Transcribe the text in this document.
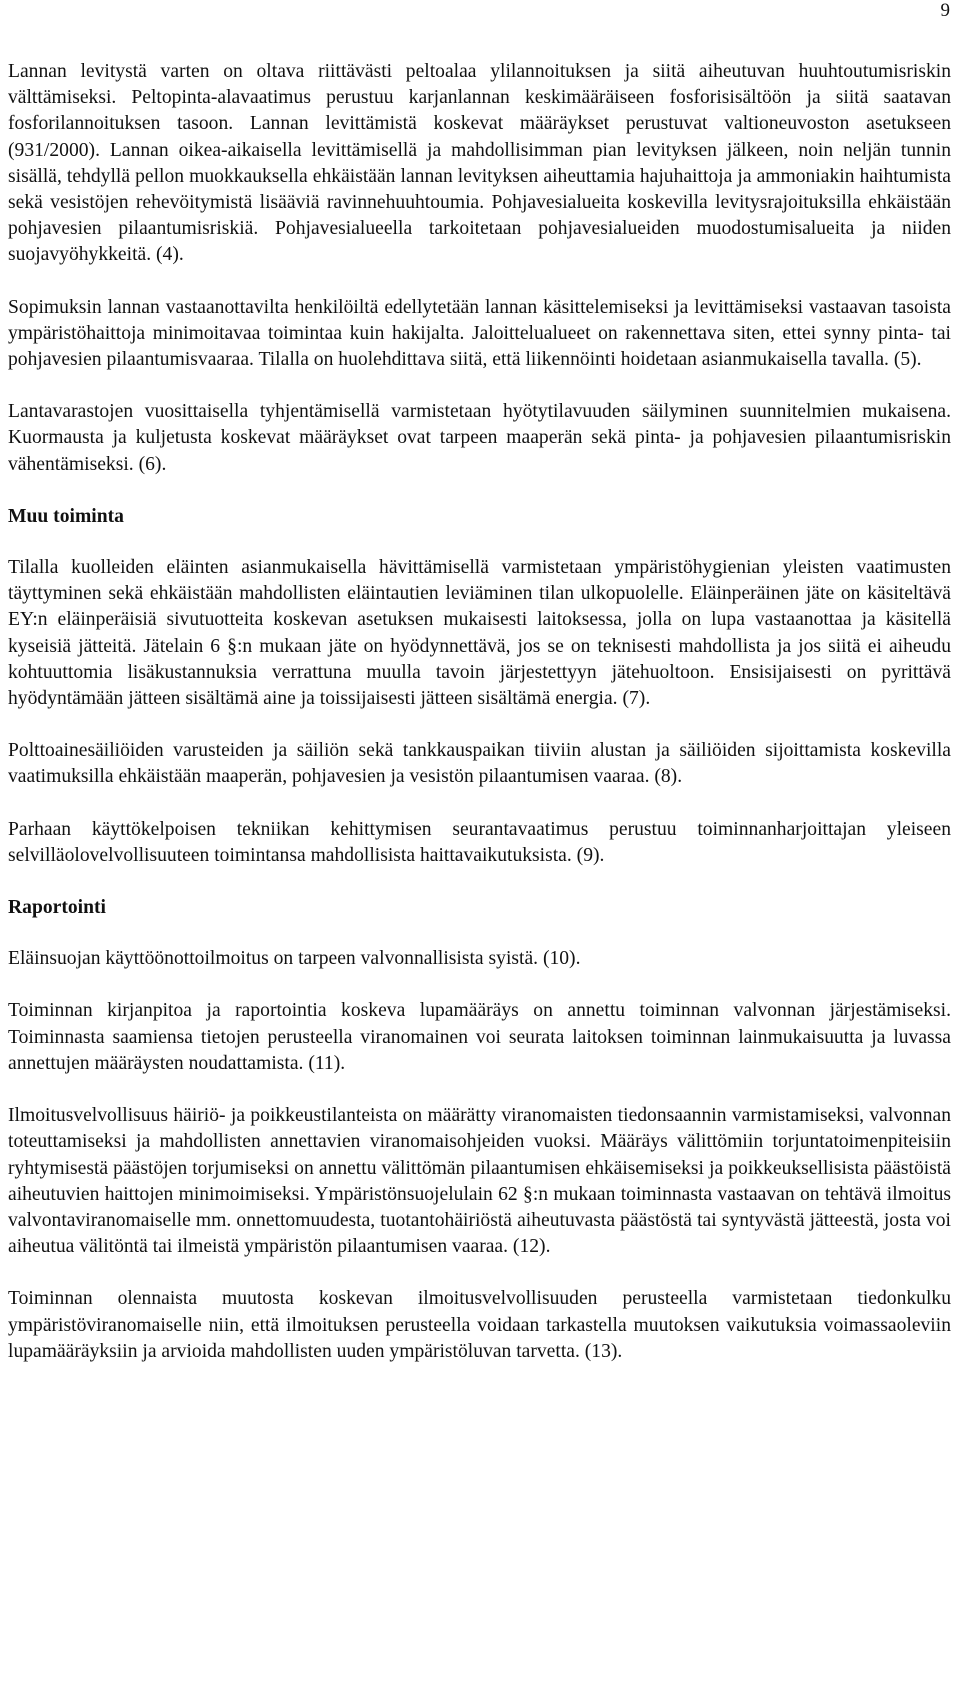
9

Lannan levitystä varten on oltava riittävästi peltoalaa ylilannoituksen ja siitä aiheutuvan huuhtoutumisriskin välttämiseksi. Peltopinta-alavaatimus perustuu karjanlannan keskimääräiseen fosforisisältöön ja siitä saatavan fosforilannoituksen tasoon. Lannan levittämistä koskevat määräykset perustuvat valtioneuvoston asetukseen (931/2000). Lannan oikea-aikaisella levittämisellä ja mahdollisimman pian levityksen jälkeen, noin neljän tunnin sisällä, tehdyllä pellon muokkauksella ehkäistään lannan levityksen aiheuttamia hajuhaittoja ja ammoniakin haihtumista sekä vesistöjen rehevöitymistä lisääviä ravinnehuuhtoumia. Pohjavesialueita koskevilla levitysrajoituksilla ehkäistään pohjavesien pilaantumisriskiä. Pohjavesialueella tarkoitetaan pohjavesialueiden muodostumisalueita ja niiden suojavyöhykkeitä. (4).

Sopimuksin lannan vastaanottavilta henkilöiltä edellytetään lannan käsittelemiseksi ja levittämiseksi vastaavan tasoista ympäristöhaittoja minimoitavaa toimintaa kuin hakijalta. Jaloittelualueet on rakennettava siten, ettei synny pinta- tai pohjavesien pilaantumisvaaraa. Tilalla on huolehdittava siitä, että liikennöinti hoidetaan asianmukaisella tavalla. (5).

Lantavarastojen vuosittaisella tyhjentämisellä varmistetaan hyötytilavuuden säilyminen suunnitelmien mukaisena. Kuormausta ja kuljetusta koskevat määräykset ovat tarpeen maaperän sekä pinta- ja pohjavesien pilaantumisriskin vähentämiseksi. (6).

Muu toiminta

Tilalla kuolleiden eläinten asianmukaisella hävittämisellä varmistetaan ympäristöhygienian yleisten vaatimusten täyttyminen sekä ehkäistään mahdollisten eläintautien leviäminen tilan ulkopuolelle. Eläinperäinen jäte on käsiteltävä EY:n eläinperäisiä sivutuotteita koskevan asetuksen mukaisesti laitoksessa, jolla on lupa vastaanottaa ja käsitellä kyseisiä jätteitä. Jätelain 6 §:n mukaan jäte on hyödynnettävä, jos se on teknisesti mahdollista ja jos siitä ei aiheudu kohtuuttomia lisäkustannuksia verrattuna muulla tavoin järjestettyyn jätehuoltoon. Ensisijaisesti on pyrittävä hyödyntämään jätteen sisältämä aine ja toissijaisesti jätteen sisältämä energia. (7).

Polttoainesäiliöiden varusteiden ja säiliön sekä tankkauspaikan tiiviin alustan ja säiliöiden sijoittamista koskevilla vaatimuksilla ehkäistään maaperän, pohjavesien ja vesistön pilaantumisen vaaraa. (8).

Parhaan käyttökelpoisen tekniikan kehittymisen seurantavaatimus perustuu toiminnanharjoittajan yleiseen selvilläolovelvollisuuteen toimintansa mahdollisista haittavaikutuksista. (9).

Raportointi

Eläinsuojan käyttöönottoilmoitus on tarpeen valvonnallisista syistä. (10).

Toiminnan kirjanpitoa ja raportointia koskeva lupamääräys on annettu toiminnan valvonnan järjestämiseksi. Toiminnasta saamiensa tietojen perusteella viranomainen voi seurata laitoksen toiminnan lainmukaisuutta ja luvassa annettujen määräysten noudattamista. (11).

Ilmoitusvelvollisuus häiriö- ja poikkeustilanteista on määrätty viranomaisten tiedonsaannin varmistamiseksi, valvonnan toteuttamiseksi ja mahdollisten annettavien viranomaisohjeiden vuoksi. Määräys välittömiin torjuntatoimenpiteisiin ryhtymisestä päästöjen torjumiseksi on annettu välittömän pilaantumisen ehkäisemiseksi ja poikkeuksellisista päästöistä aiheutuvien haittojen minimoimiseksi. Ympäristönsuojelulain 62 §:n mukaan toiminnasta vastaavan on tehtävä ilmoitus valvontaviranomaiselle mm. onnettomuudesta, tuotantohäiriöstä aiheutuvasta päästöstä tai syntyvästä jätteestä, josta voi aiheutua välitöntä tai ilmeistä ympäristön pilaantumisen vaaraa. (12).

Toiminnan olennaista muutosta koskevan ilmoitusvelvollisuuden perusteella varmistetaan tiedonkulku ympäristöviranomaiselle niin, että ilmoituksen perusteella voidaan tarkastella muutoksen vaikutuksia voimassaoleviin lupamääräyksiin ja arvioida mahdollisten uuden ympäristöluvan tarvetta. (13).
